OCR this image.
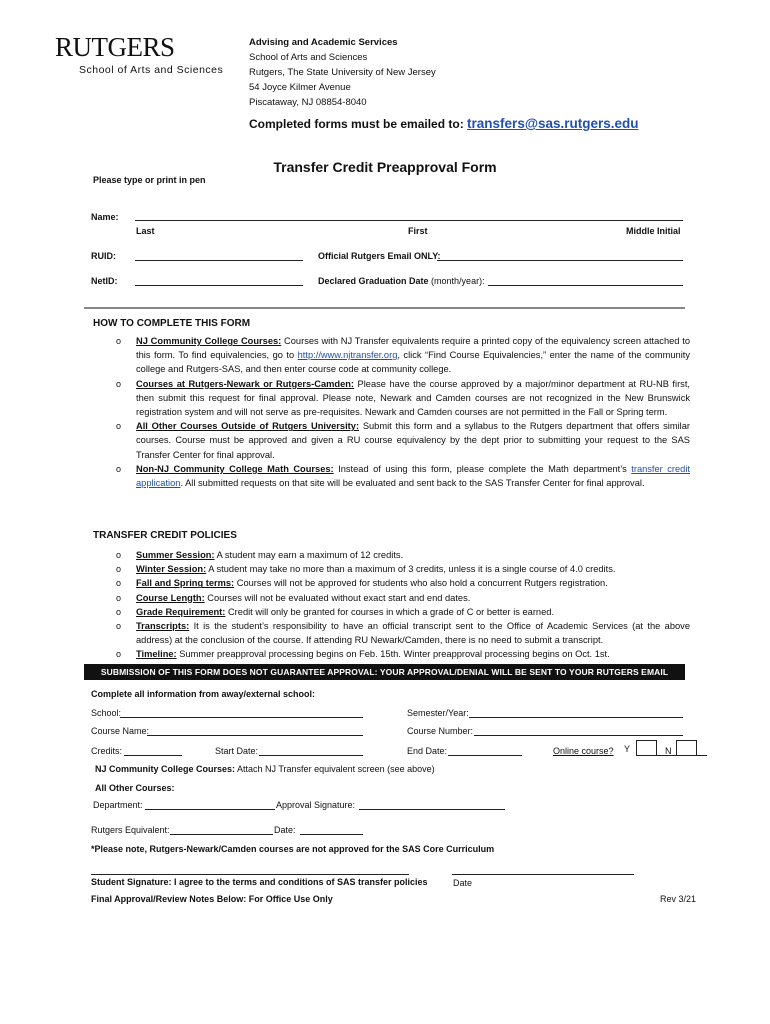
RUTGERS
School of Arts and Sciences
Advising and Academic Services
School of Arts and Sciences
Rutgers, The State University of New Jersey
54 Joyce Kilmer Avenue
Piscataway, NJ 08854-8040
Completed forms must be emailed to: transfers@sas.rutgers.edu
Transfer Credit Preapproval Form
Please type or print in pen
Name:
Last	First	Middle Initial
RUID:	Official Rutgers Email ONLY:
NetID:	Declared Graduation Date (month/year):
HOW TO COMPLETE THIS FORM
o NJ Community College Courses: Courses with NJ Transfer equivalents require a printed copy of the equivalency screen attached to this form. To find equivalencies, go to http://www.njtransfer.org, click “Find Course Equivalencies,” enter the name of the community college and Rutgers-SAS, and then enter course code at community college.
o Courses at Rutgers-Newark or Rutgers-Camden: Please have the course approved by a major/minor department at RU-NB first, then submit this request for final approval. Please note, Newark and Camden courses are not recognized in the New Brunswick registration system and will not serve as pre-requisites. Newark and Camden courses are not permitted in the Fall or Spring term.
o All Other Courses Outside of Rutgers University: Submit this form and a syllabus to the Rutgers department that offers similar courses. Course must be approved and given a RU course equivalency by the dept prior to submitting your request to the SAS Transfer Center for final approval.
o Non-NJ Community College Math Courses: Instead of using this form, please complete the Math department’s transfer credit application. All submitted requests on that site will be evaluated and sent back to the SAS Transfer Center for final approval.
TRANSFER CREDIT POLICIES
o Summer Session: A student may earn a maximum of 12 credits.
o Winter Session: A student may take no more than a maximum of 3 credits, unless it is a single course of 4.0 credits.
o Fall and Spring terms: Courses will not be approved for students who also hold a concurrent Rutgers registration.
o Course Length: Courses will not be evaluated without exact start and end dates.
o Grade Requirement: Credit will only be granted for courses in which a grade of C or better is earned.
o Transcripts: It is the student’s responsibility to have an official transcript sent to the Office of Academic Services (at the above address) at the conclusion of the course. If attending RU Newark/Camden, there is no need to submit a transcript.
o Timeline: Summer preapproval processing begins on Feb. 15th. Winter preapproval processing begins on Oct. 1st.
SUBMISSION OF THIS FORM DOES NOT GUARANTEE APPROVAL: YOUR APPROVAL/DENIAL WILL BE SENT TO YOUR RUTGERS EMAIL ADDRESS WITHIN 2 WEEKS
Complete all information from away/external school:
School:	Semester/Year:
Course Name:	Course Number:
Credits:	Start Date:	End Date:	Online course? Y	N
NJ Community College Courses: Attach NJ Transfer equivalent screen (see above)
All Other Courses:
Department:	Approval Signature:
Rutgers Equivalent:	Date:
*Please note, Rutgers-Newark/Camden courses are not approved for the SAS Core Curriculum
Student Signature: I agree to the terms and conditions of SAS transfer policies	Date
Final Approval/Review Notes Below: For Office Use Only	Rev 3/21
